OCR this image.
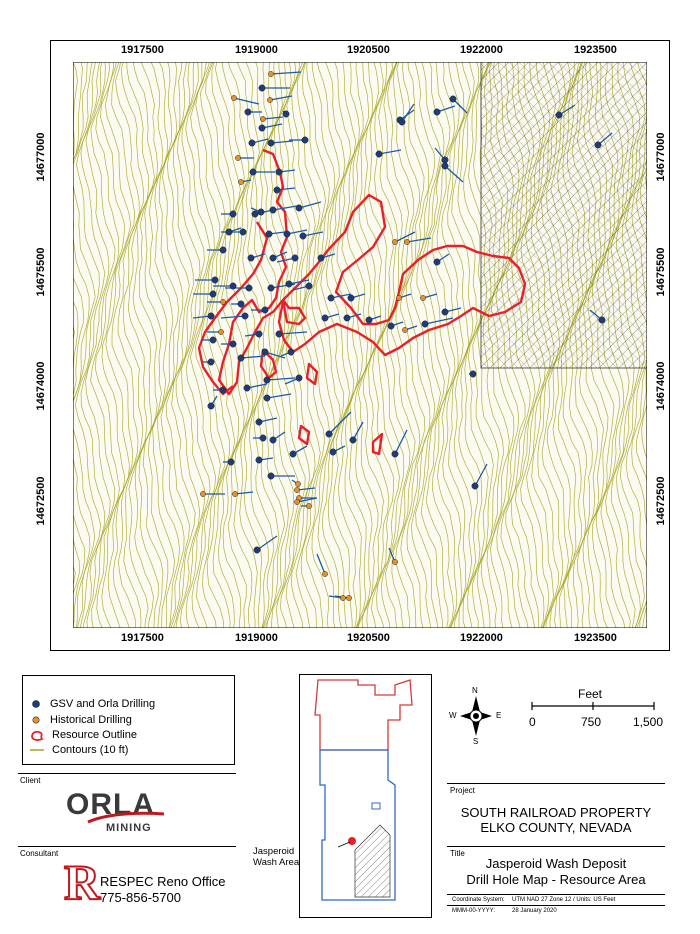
1917500	1919000	1920500	1922000	1923500
1917500	1919000	1920500	1922000	1923500
14677000
14675500
14674000
14672500
14677000
14675500
14674000
14672500
GSV and Orla Drilling
Historical Drilling
Resource Outline
Contours (10 ft)
Client
ORLA
MINING
Consultant
R RESPEC Reno Office
775-856-5700
Jasperoid Wash Area
N
S
W	E
Feet
0	750	1,500
Project
SOUTH RAILROAD PROPERTY
ELKO COUNTY, NEVADA
Title
Jasperoid Wash Deposit
Drill Hole Map - Resource Area
Coordinate System: UTM NAD 27 Zone 12 / Units: US Feet
MMM-00-YYYY:	28 January 2020
